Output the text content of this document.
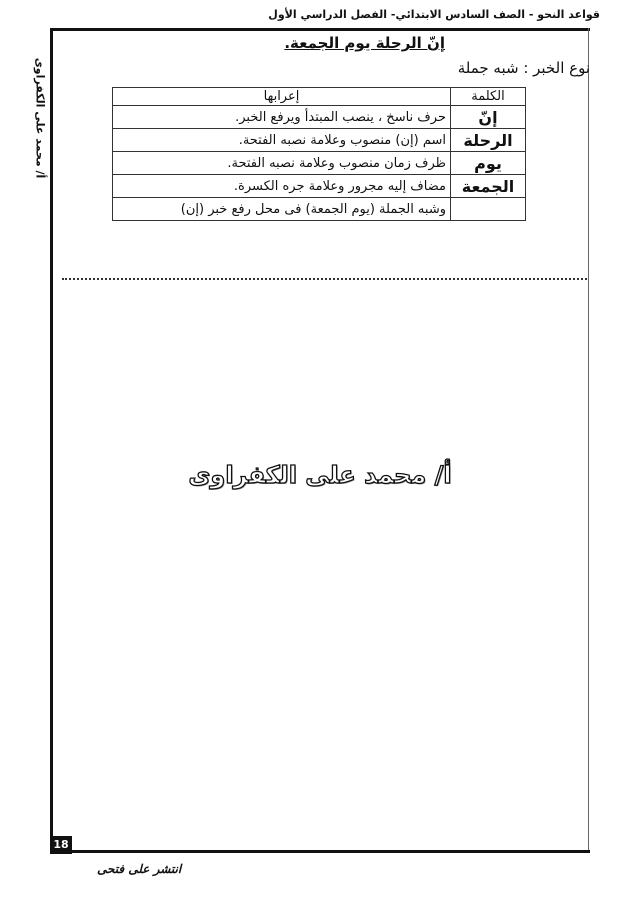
قواعد النحو - الصف السادس الابتدائي- الفصل الدراسي الأول
أ/ محمد على الكفراوى
إنّ الرحلة يوم الجمعة.
نوع الخبر : شبه جملة
الكلمة	إعرابها
إنّ	حرف ناسخ ، ينصب المبتدأ ويرفع الخبر.
الرحلة	اسم (إن) منصوب وعلامة نصبه الفتحة.
يوم	ظرف زمان منصوب وعلامة نصبه الفتحة.
الجمعة	مضاف إليه مجرور وعلامة جره الكسرة.
	وشبه الجملة (يوم الجمعة) فى محل رفع خبر (إن)
أ/ محمد على الكفراوى
18
انتشر على فتحى
